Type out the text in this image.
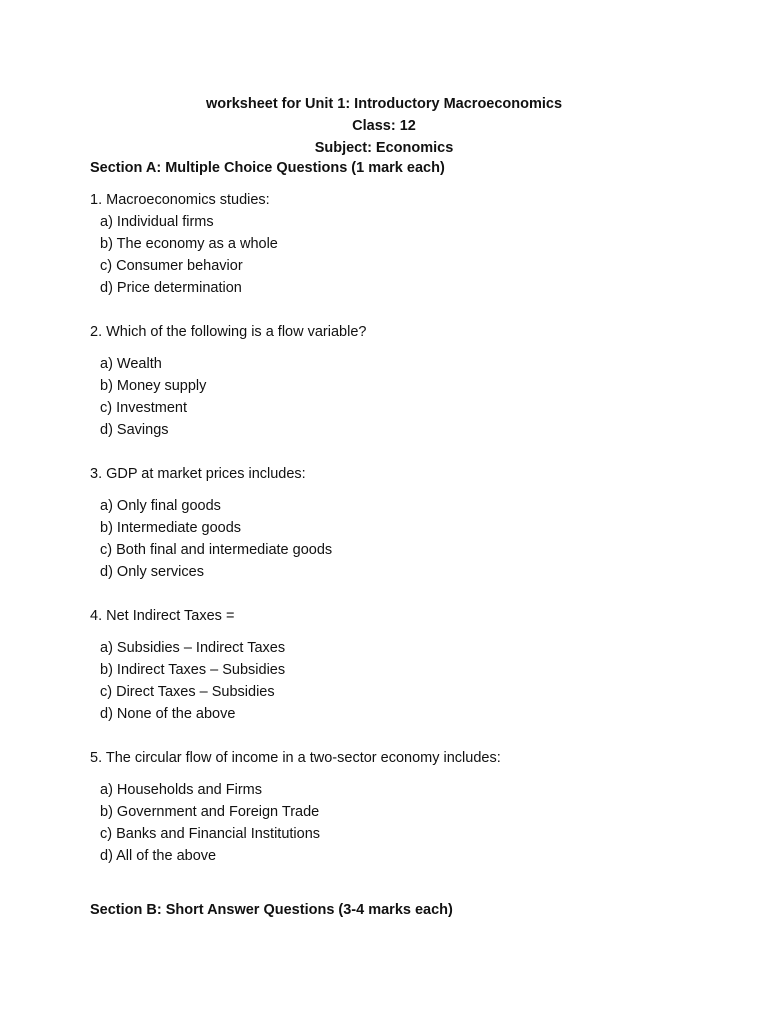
worksheet for Unit 1: Introductory Macroeconomics
Class: 12
Subject: Economics
Section A: Multiple Choice Questions (1 mark each)
1. Macroeconomics studies:
a) Individual firms
b) The economy as a whole
c) Consumer behavior
d) Price determination
2. Which of the following is a flow variable?
a) Wealth
b) Money supply
c) Investment
d) Savings
3. GDP at market prices includes:
a) Only final goods
b) Intermediate goods
c) Both final and intermediate goods
d) Only services
4. Net Indirect Taxes =
a) Subsidies – Indirect Taxes
b) Indirect Taxes – Subsidies
c) Direct Taxes – Subsidies
d) None of the above
5. The circular flow of income in a two-sector economy includes:
a) Households and Firms
b) Government and Foreign Trade
c) Banks and Financial Institutions
d) All of the above
Section B: Short Answer Questions (3-4 marks each)
